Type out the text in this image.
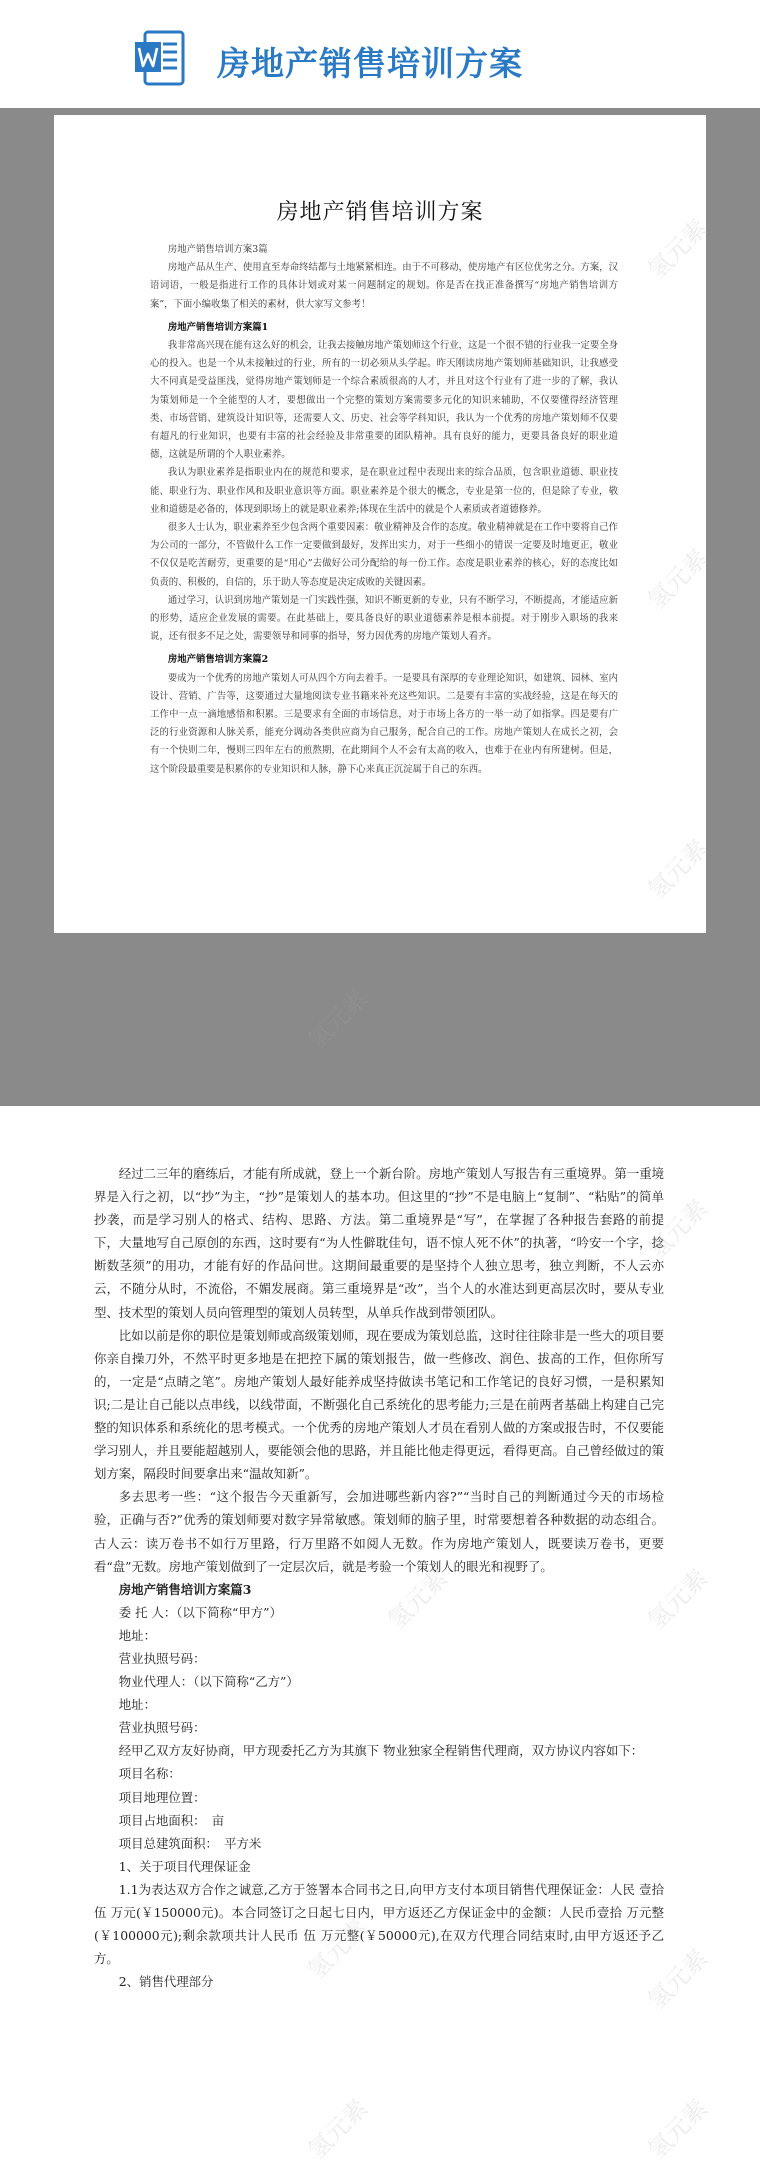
房地产销售培训方案
房地产销售培训方案

房地产销售培训方案3篇

房地产品从生产、使用直至寿命终结都与土地紧紧相连。由于不可移动，使房地产有区位优劣之分。方案，汉语词语，一般是指进行工作的具体计划或对某一问题制定的规划。你是否在找正准备撰写“房地产销售培训方案”，下面小编收集了相关的素材，供大家写文参考！

房地产销售培训方案篇1

我非常高兴现在能有这么好的机会，让我去接触房地产策划师这个行业，这是一个很不错的行业我一定要全身心的投入。也是一个从未接触过的行业，所有的一切必须从头学起。昨天刚读房地产策划师基础知识，让我感受大不同真是受益匪浅，觉得房地产策划师是一个综合素质很高的人才，并且对这个行业有了进一步的了解，我认为策划师是一个全能型的人才，要想做出一个完整的策划方案需要多元化的知识来辅助，不仅要懂得经济管理类、市场营销、建筑设计知识等，还需要人文、历史、社会等学科知识，我认为一个优秀的房地产策划师不仅要有超凡的行业知识，也要有丰富的社会经验及非常重要的团队精神。具有良好的能力，更要具备良好的职业道德，这就是所谓的个人职业素养。

我认为职业素养是指职业内在的规范和要求，是在职业过程中表现出来的综合品质，包含职业道德、职业技能、职业行为、职业作风和及职业意识等方面。职业素养是个很大的概念，专业是第一位的，但是除了专业，敬业和道德是必备的，体现到职场上的就是职业素养;体现在生活中的就是个人素质或者道德修养。

很多人士认为，职业素养至少包含两个重要因素：敬业精神及合作的态度。敬业精神就是在工作中要将自己作为公司的一部分，不管做什么工作一定要做到最好，发挥出实力，对于一些细小的错误一定要及时地更正，敬业不仅仅是吃苦耐劳，更重要的是“用心”去做好公司分配给的每一份工作。态度是职业素养的核心，好的态度比如负责的、积极的，自信的，乐于助人等态度是决定成败的关键因素。

通过学习，认识到房地产策划是一门实践性强，知识不断更新的专业，只有不断学习，不断提高，才能适应新的形势，适应企业发展的需要。在此基础上，要具备良好的职业道德素养是根本前提。对于刚步入职场的我来说，还有很多不足之处，需要领导和同事的指导，努力因优秀的房地产策划人看齐。

房地产销售培训方案篇2

要成为一个优秀的房地产策划人可从四个方向去着手。一是要具有深厚的专业理论知识，如建筑、园林、室内设计、营销、广告等，这要通过大量地阅读专业书籍来补充这些知识。二是要有丰富的实战经验，这是在每天的工作中一点一滴地感悟和积累。三是要求有全面的市场信息，对于市场上各方的一举一动了如指掌。四是要有广泛的行业资源和人脉关系，能充分调动各类供应商为自己服务，配合自己的工作。房地产策划人在成长之初，会有一个快则二年，慢则三四年左右的煎熬期，在此期间个人不会有太高的收入，也难于在业内有所建树。但是，这个阶段最重要是积累你的专业知识和人脉，静下心来真正沉淀属于自己的东西。

经过二三年的磨练后，才能有所成就，登上一个新台阶。房地产策划人写报告有三重境界。第一重境界是入行之初，以“抄”为主，“抄”是策划人的基本功。但这里的“抄”不是电脑上“复制”、“粘贴”的简单抄袭，而是学习别人的格式、结构、思路、方法。第二重境界是“写”，在掌握了各种报告套路的前提下，大量地写自己原创的东西，这时要有“为人性僻耽佳句，语不惊人死不休”的执著，“吟安一个字，捻断数茎须”的用功，才能有好的作品问世。这期间最重要的是坚持个人独立思考，独立判断，不人云亦云，不随分从时，不流俗，不媚发展商。第三重境界是“改”，当个人的水准达到更高层次时，要从专业型、技术型的策划人员向管理型的策划人员转型，从单兵作战到带领团队。

比如以前是你的职位是策划师或高级策划师，现在要成为策划总监，这时往往除非是一些大的项目要你亲自操刀外，不然平时更多地是在把控下属的策划报告，做一些修改、润色、拔高的工作，但你所写的，一定是“点睛之笔”。房地产策划人最好能养成坚持做读书笔记和工作笔记的良好习惯，一是积累知识;二是让自己能以点串线，以线带面，不断强化自己系统化的思考能力;三是在前两者基础上构建自己完整的知识体系和系统化的思考模式。一个优秀的房地产策划人才员在看别人做的方案或报告时，不仅要能学习别人，并且要能超越别人，要能领会他的思路，并且能比他走得更远，看得更高。自己曾经做过的策划方案，隔段时间要拿出来“温故知新”。

多去思考一些：“这个报告今天重新写，会加进哪些新内容?”“当时自己的判断通过今天的市场检验，正确与否?”优秀的策划师要对数字异常敏感。策划师的脑子里，时常要想着各种数据的动态组合。古人云：读万卷书不如行万里路，行万里路不如阅人无数。作为房地产策划人，既要读万卷书，更要看“盘”无数。房地产策划做到了一定层次后，就是考验一个策划人的眼光和视野了。

房地产销售培训方案篇3

委 托 人：（以下简称“甲方”）

地址：

营业执照号码：

物业代理人：（以下简称“乙方”）

地址：

营业执照号码：

经甲乙双方友好协商，甲方现委托乙方为其旗下 物业独家全程销售代理商，双方协议内容如下：

项目名称：

项目地理位置：

项目占地面积：　亩

项目总建筑面积：　平方米

1、关于项目代理保证金

1.1为表达双方合作之诚意,乙方于签署本合同书之日,向甲方支付本项目销售代理保证金：人民 壹拾伍 万元(￥150000元)。本合同签订之日起七日内，甲方返还乙方保证金中的金额：人民币壹拾 万元整(￥100000元);剩余款项共计人民币 伍 万元整(￥50000元),在双方代理合同结束时,由甲方返还予乙方。

2、销售代理部分

氢元素
氢元素
氢元素
氢元素
氢元素
氢元素	氢元素
氢元素	氢元素
氢元素
氢元素
